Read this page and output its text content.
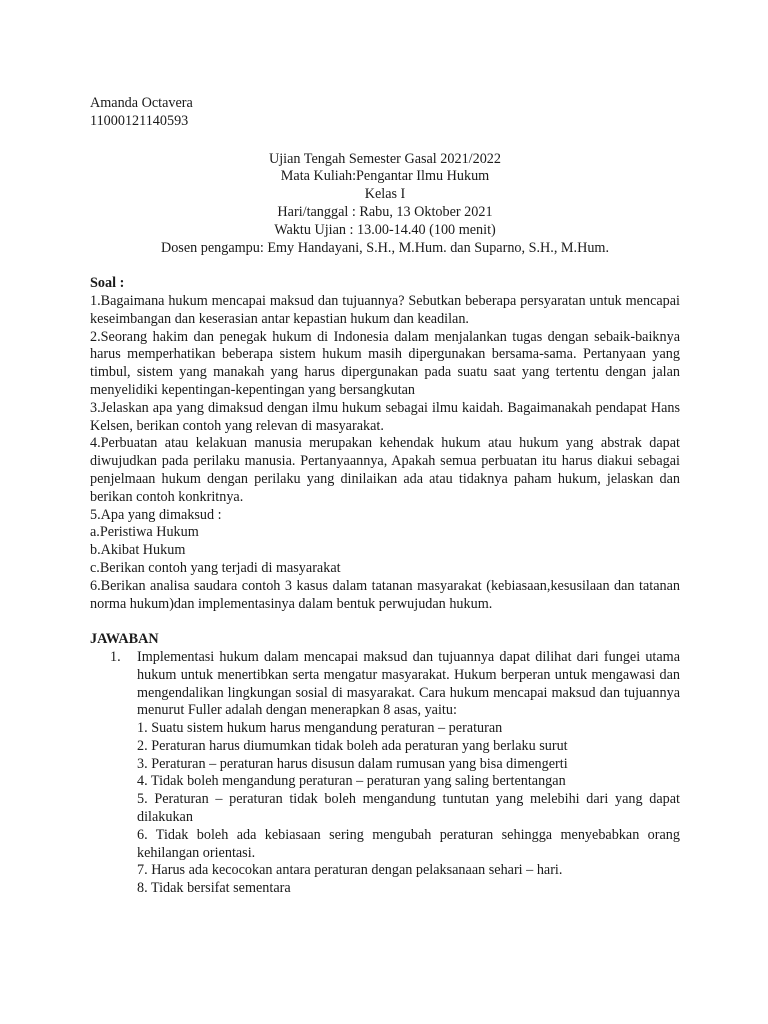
Amanda Octavera
11000121140593
Ujian Tengah Semester Gasal 2021/2022
Mata Kuliah:Pengantar Ilmu Hukum
Kelas I
Hari/tanggal : Rabu, 13 Oktober 2021
Waktu Ujian : 13.00-14.40 (100 menit)
Dosen pengampu: Emy Handayani, S.H., M.Hum. dan Suparno, S.H., M.Hum.
Soal :
1.Bagaimana hukum mencapai maksud dan tujuannya? Sebutkan beberapa persyaratan untuk mencapai keseimbangan dan keserasian antar kepastian hukum dan keadilan.
2.Seorang hakim dan penegak hukum di Indonesia dalam menjalankan tugas dengan sebaik-baiknya harus memperhatikan beberapa sistem hukum masih dipergunakan bersama-sama. Pertanyaan yang timbul, sistem yang manakah yang harus dipergunakan pada suatu saat yang tertentu dengan jalan menyelidiki kepentingan-kepentingan yang bersangkutan
3.Jelaskan apa yang dimaksud dengan ilmu hukum sebagai ilmu kaidah. Bagaimanakah pendapat Hans Kelsen, berikan contoh yang relevan di masyarakat.
4.Perbuatan atau kelakuan manusia merupakan kehendak hukum atau hukum yang abstrak dapat diwujudkan pada perilaku manusia. Pertanyaannya, Apakah semua perbuatan itu harus diakui sebagai penjelmaan hukum dengan perilaku yang dinilaikan ada atau tidaknya paham hukum, jelaskan dan berikan contoh konkritnya.
5.Apa yang dimaksud :
a.Peristiwa Hukum
b.Akibat Hukum
c.Berikan contoh yang terjadi di masyarakat
6.Berikan analisa saudara contoh 3 kasus dalam tatanan masyarakat (kebiasaan,kesusilaan dan tatanan norma hukum)dan implementasinya dalam bentuk perwujudan hukum.
JAWABAN
1. Implementasi hukum dalam mencapai maksud dan tujuannya dapat dilihat dari fungei utama hukum untuk menertibkan serta mengatur masyarakat. Hukum berperan untuk mengawasi dan mengendalikan lingkungan sosial di masyarakat. Cara hukum mencapai maksud dan tujuannya menurut Fuller adalah dengan menerapkan 8 asas, yaitu:
1. Suatu sistem hukum harus mengandung peraturan – peraturan
2. Peraturan harus diumumkan tidak boleh ada peraturan yang berlaku surut
3. Peraturan – peraturan harus disusun dalam rumusan yang bisa dimengerti
4. Tidak boleh mengandung peraturan – peraturan yang saling bertentangan
5. Peraturan – peraturan tidak boleh mengandung tuntutan yang melebihi dari yang dapat dilakukan
6. Tidak boleh ada kebiasaan sering mengubah peraturan sehingga menyebabkan orang kehilangan orientasi.
7. Harus ada kecocokan antara peraturan dengan pelaksanaan sehari – hari.
8. Tidak bersifat sementara
